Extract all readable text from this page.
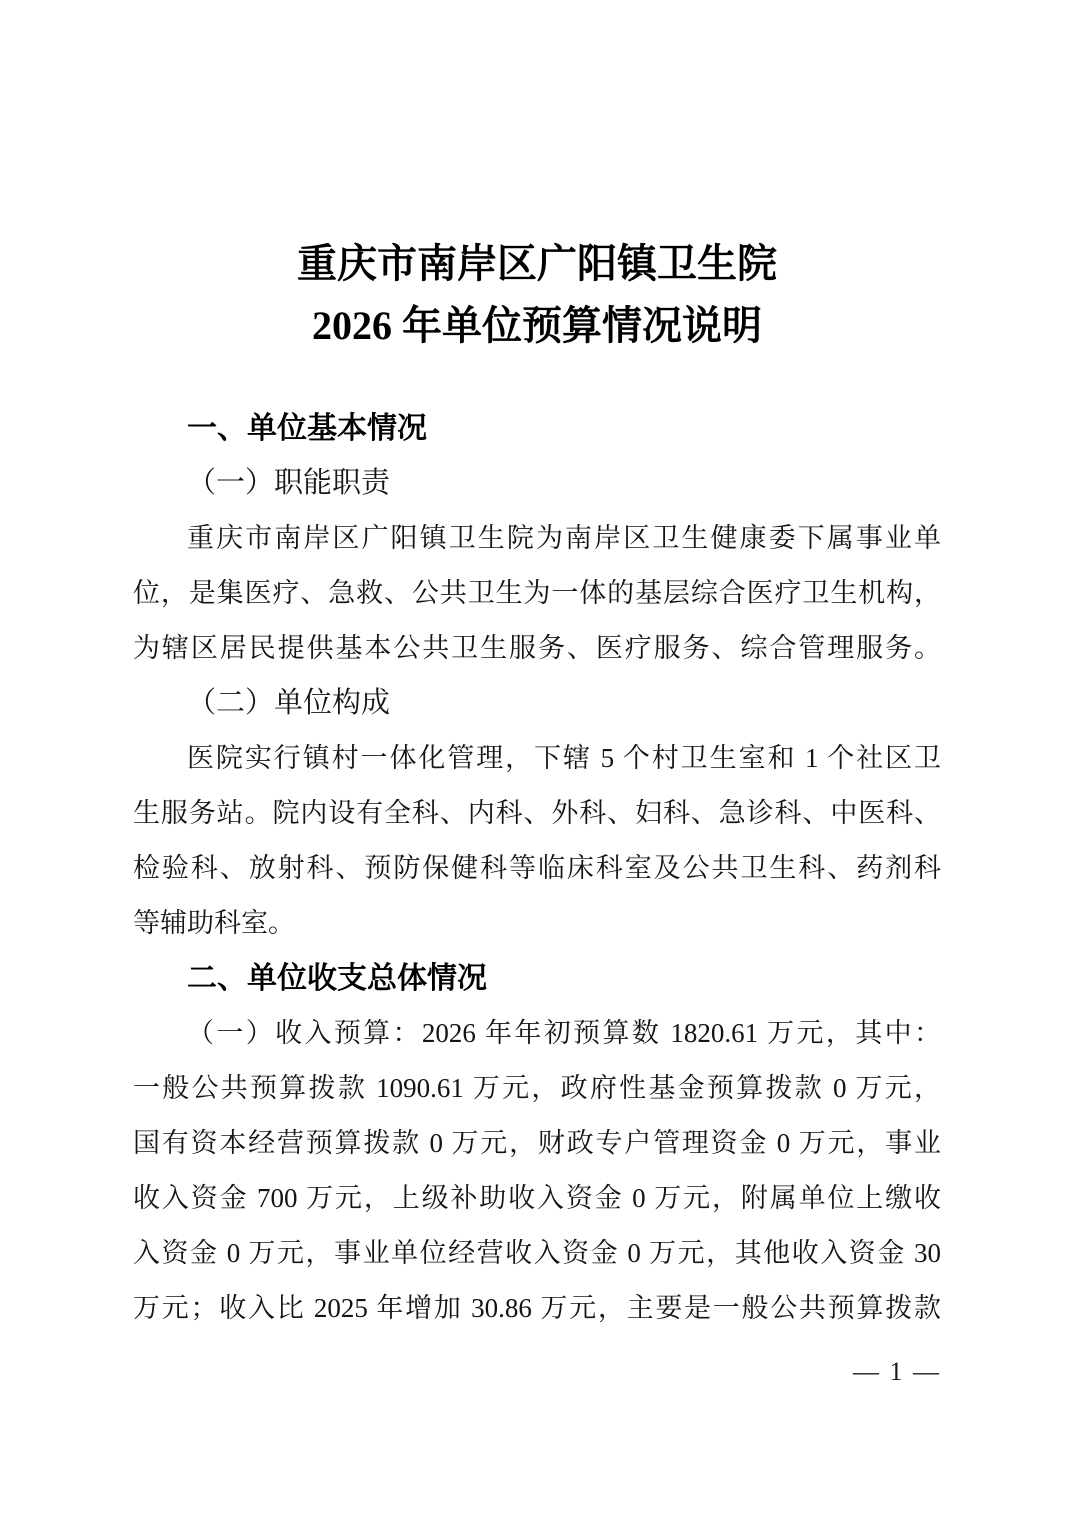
重庆市南岸区广阳镇卫生院
2026 年单位预算情况说明
一、单位基本情况
（一）职能职责
重庆市南岸区广阳镇卫生院为南岸区卫生健康委下属事业单
位，是集医疗、急救、公共卫生为一体的基层综合医疗卫生机构，
为辖区居民提供基本公共卫生服务、医疗服务、综合管理服务。
（二）单位构成
医院实行镇村一体化管理，下辖 5 个村卫生室和 1 个社区卫
生服务站。院内设有全科、内科、外科、妇科、急诊科、中医科、
检验科、放射科、预防保健科等临床科室及公共卫生科、药剂科
等辅助科室。
二、单位收支总体情况
（一）收入预算：2026 年年初预算数 1820.61 万元，其中：
一般公共预算拨款 1090.61 万元，政府性基金预算拨款 0 万元，
国有资本经营预算拨款 0 万元，财政专户管理资金 0 万元，事业
收入资金 700 万元，上级补助收入资金 0 万元，附属单位上缴收
入资金 0 万元，事业单位经营收入资金 0 万元，其他收入资金 30
万元；收入比 2025 年增加 30.86 万元，主要是一般公共预算拨款
— 1 —
